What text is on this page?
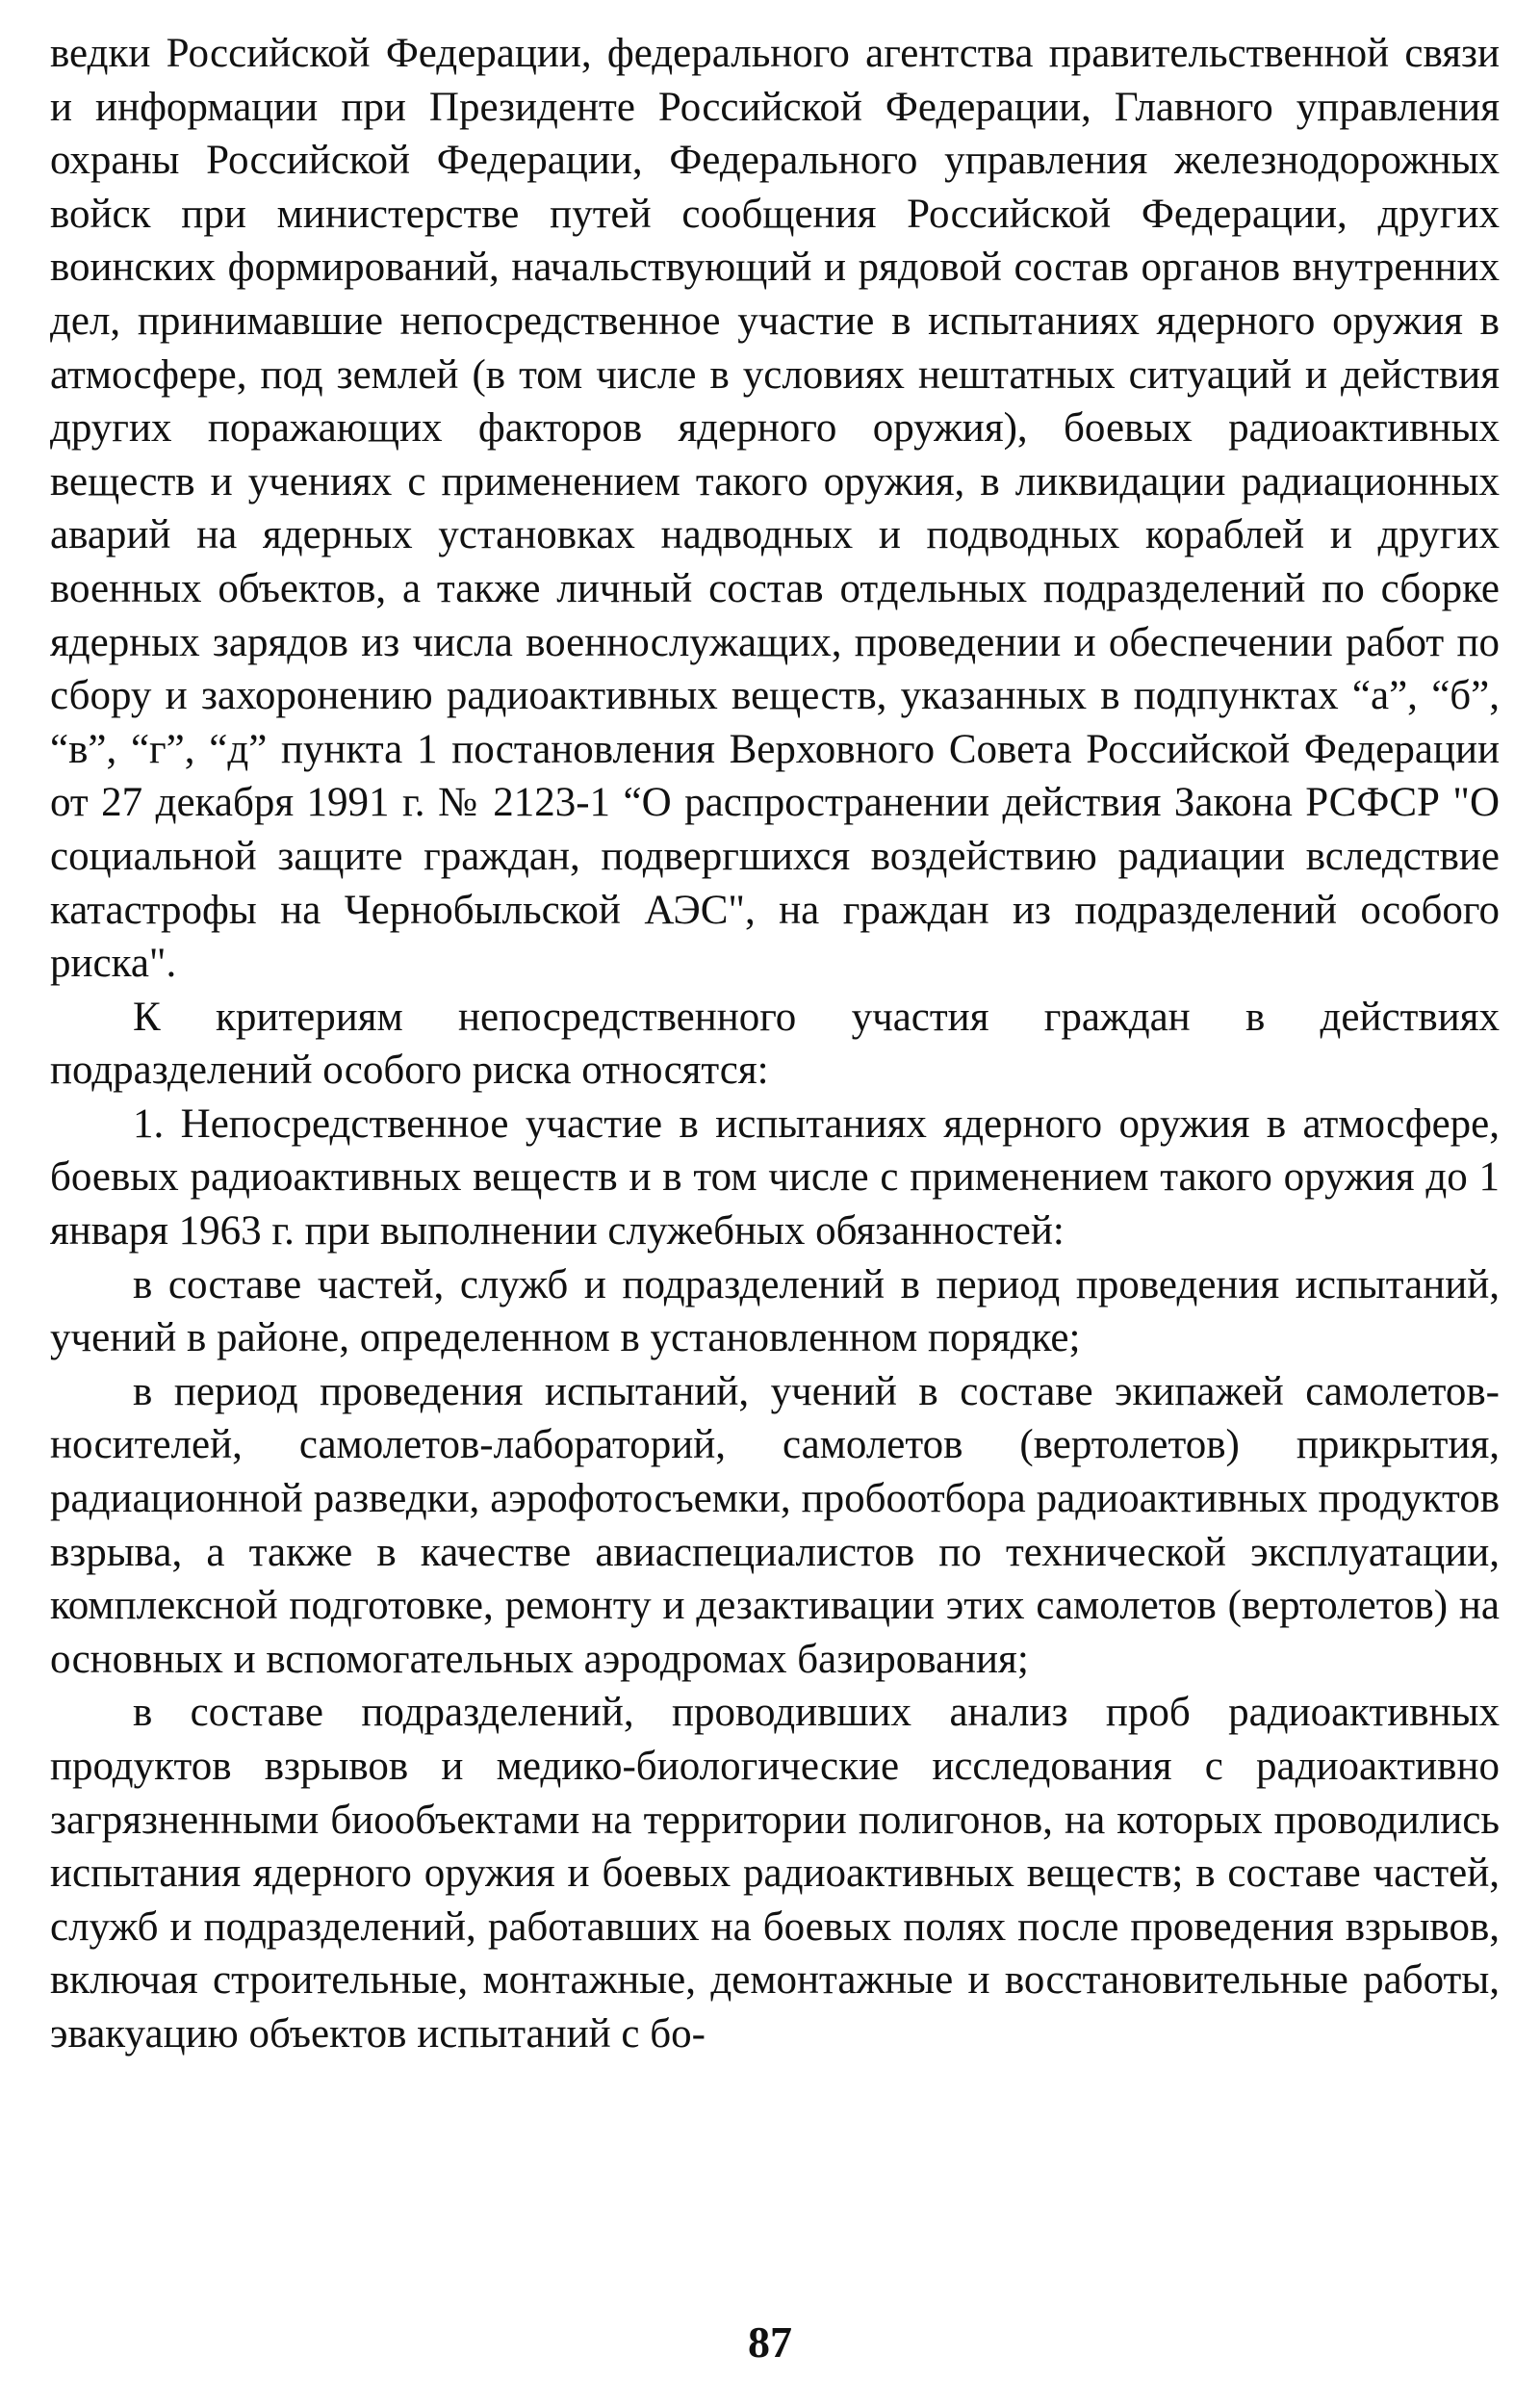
ведки Российской Федерации, федерального агентства правительственной связи и информации при Президенте Российской Федерации, Главного управления охраны Российской Федерации, Федерального управления железнодорожных войск при министерстве путей сообщения Российской Федерации, других воинских формирований, начальствующий и рядовой состав органов внутренних дел, принимавшие непосредственное участие в испытаниях ядерного оружия в атмосфере, под землей (в том числе в условиях нештатных ситуаций и действия других поражающих факторов ядерного оружия), боевых радиоактивных веществ и учениях с применением такого оружия, в ликвидации радиационных аварий на ядерных установках надводных и подводных кораблей и других военных объектов, а также личный состав отдельных подразделений по сборке ядерных зарядов из числа военнослужащих, проведении и обеспечении работ по сбору и захоронению радиоактивных веществ, указанных в подпунктах “а”, “б”, “в”, “г”, “д” пункта 1 постановления Верховного Совета Российской Федерации от 27 декабря 1991 г. № 2123-1 “О распространении действия Закона РСФСР "О социальной защите граждан, подвергшихся воздействию радиации вследствие катастрофы на Чернобыльской АЭС", на граждан из подразделений особого риска".

К критериям непосредственного участия граждан в действиях подразделений особого риска относятся:

1. Непосредственное участие в испытаниях ядерного оружия в атмосфере, боевых радиоактивных веществ и в том числе с применением такого оружия до 1 января 1963 г. при выполнении служебных обязанностей:

в составе частей, служб и подразделений в период проведения испытаний, учений в районе, определенном в установленном порядке;

в период проведения испытаний, учений в составе экипажей самолетов-носителей, самолетов-лабораторий, самолетов (вертолетов) прикрытия, радиационной разведки, аэрофотосъемки, пробоотбора радиоактивных продуктов взрыва, а также в качестве авиаспециалистов по технической эксплуатации, комплексной подготовке, ремонту и дезактивации этих самолетов (вертолетов) на основных и вспомогательных аэродромах базирования;

в составе подразделений, проводивших анализ проб радиоактивных продуктов взрывов и медико-биологические исследования с радиоактивно загрязненными биообъектами на территории полигонов, на которых проводились испытания ядерного оружия и боевых радиоактивных веществ; в составе частей, служб и подразделений, работавших на боевых полях после проведения взрывов, включая строительные, монтажные, демонтажные и восстановительные работы, эвакуацию объектов испытаний с бо-

87
